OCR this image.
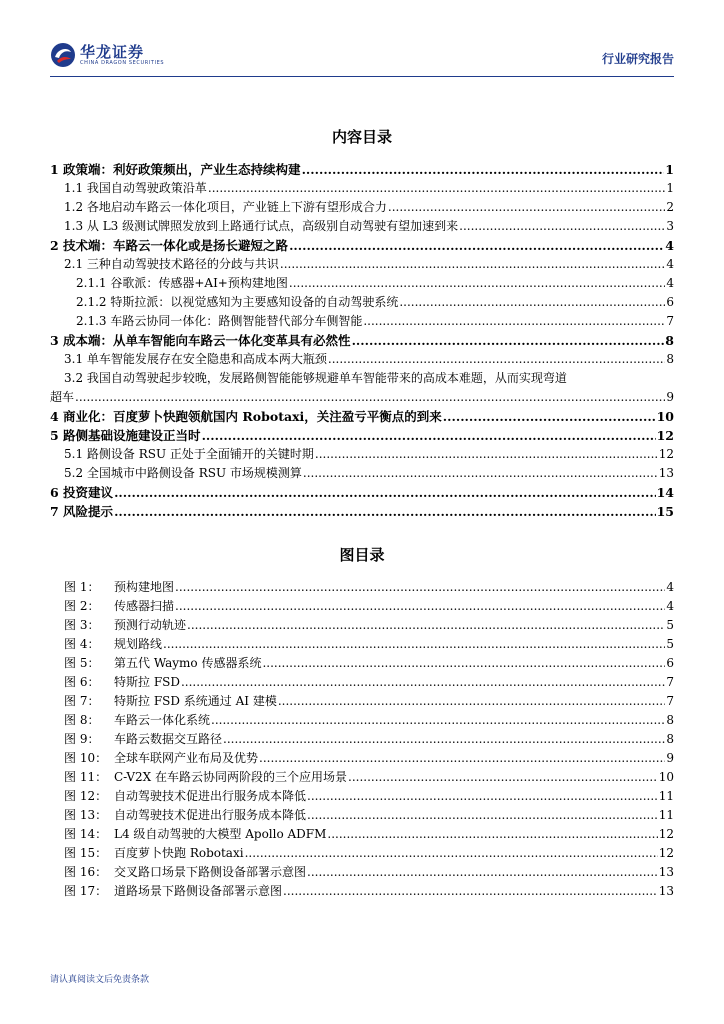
华龙证券
CHINA DRAGON SECURITIES	行业研究报告
内容目录
1 政策端：利好政策频出，产业生态持续构建 .....	1
1.1 我国自动驾驶政策沿革 .....	1
1.2 各地启动车路云一体化项目，产业链上下游有望形成合力 .....	2
1.3 从 L3 级测试牌照发放到上路通行试点，高级别自动驾驶有望加速到来 .....	3
2 技术端：车路云一体化或是扬长避短之路 .....	4
2.1 三种自动驾驶技术路径的分歧与共识 .....	4
2.1.1 谷歌派：传感器+AI+预构建地图 .....	4
2.1.2 特斯拉派：以视觉感知为主要感知设备的自动驾驶系统 .....	6
2.1.3 车路云协同一体化：路侧智能替代部分车侧智能 .....	7
3 成本端：从单车智能向车路云一体化变革具有必然性 .....	8
3.1 单车智能发展存在安全隐患和高成本两大瓶颈 .....	8
3.2 我国自动驾驶起步较晚，发展路侧智能能够规避单车智能带来的高成本难题，从而实现弯道
超车 .....	9
4 商业化：百度萝卜快跑领航国内 Robotaxi，关注盈亏平衡点的到来 .....	10
5 路侧基础设施建设正当时 .....	12
5.1 路侧设备 RSU 正处于全面铺开的关键时期 .....	12
5.2 全国城市中路侧设备 RSU 市场规模测算 .....	13
6 投资建议 .....	14
7 风险提示 .....	15
图目录
图 1：	预构建地图 .....	4
图 2：	传感器扫描 .....	4
图 3：	预测行动轨迹 .....	5
图 4：	规划路线 .....	5
图 5：	第五代 Waymo 传感器系统 .....	6
图 6：	特斯拉 FSD .....	7
图 7：	特斯拉 FSD 系统通过 AI 建模 .....	7
图 8：	车路云一体化系统 .....	8
图 9：	车路云数据交互路径 .....	8
图 10： 全球车联网产业布局及优势 .....	9
图 11： C-V2X 在车路云协同两阶段的三个应用场景 .....	10
图 12： 自动驾驶技术促进出行服务成本降低 .....	11
图 13： 自动驾驶技术促进出行服务成本降低 .....	11
图 14： L4 级自动驾驶的大模型 Apollo ADFM .....	12
图 15： 百度萝卜快跑 Robotaxi .....	12
图 16： 交叉路口场景下路侧设备部署示意图 .....	13
图 17： 道路场景下路侧设备部署示意图 .....	13
请认真阅读文后免责条款
